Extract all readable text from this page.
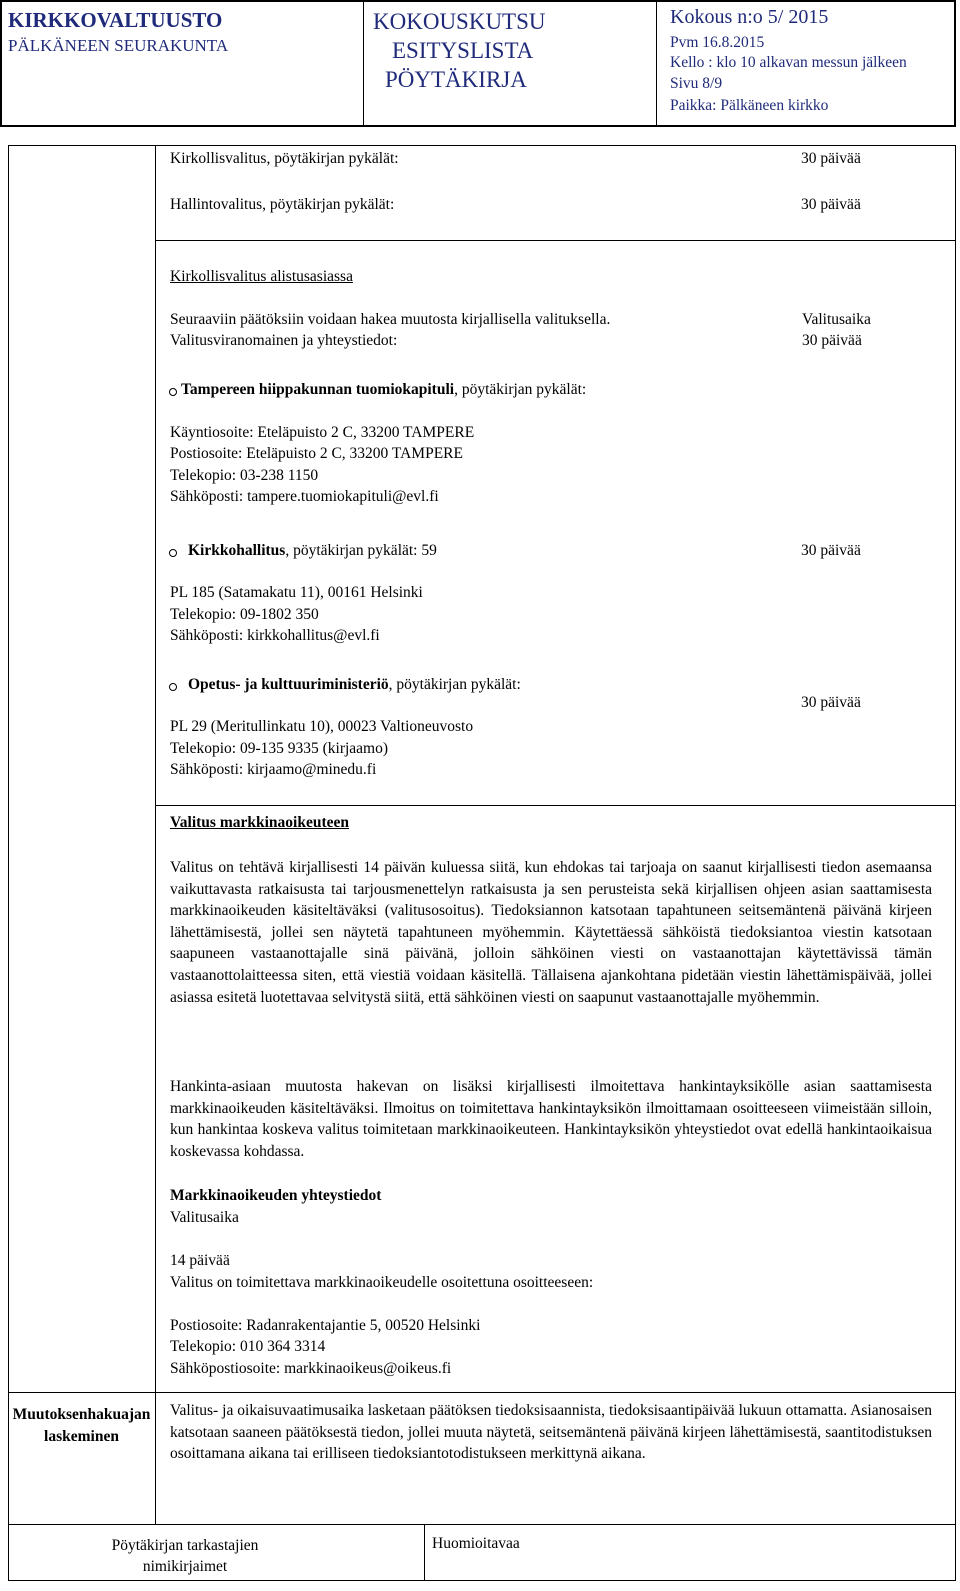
KIRKKOVALTUUSTO
PÄLKÄNEEN SEURAKUNTA
KOKOUSKUTSU
ESITYSLISTA
PÖYTÄKIRJA
Kokous n:o 5/ 2015
Pvm 16.8.2015
Kello : klo 10 alkavan messun jälkeen
Sivu 8/9
Paikka: Pälkäneen kirkko
Kirkollisvalitus, pöytäkirjan pykälät:	30 päivää
Hallintovalitus, pöytäkirjan pykälät:	30 päivää
Kirkollisvalitus alistusasiassa
Seuraaviin päätöksiin voidaan hakea muutosta kirjallisella valituksella.
Valitusviranomainen ja yhteystiedot:
Valitusaika
30 päivää
Tampereen hiippakunnan tuomiokapituli, pöytäkirjan pykälät:
Käyntiosoite: Eteläpuisto 2 C, 33200 TAMPERE
Postiosoite: Eteläpuisto 2 C, 33200 TAMPERE
Telekopio: 03-238 1150
Sähköposti: tampere.tuomiokapituli@evl.fi
Kirkkohallitus, pöytäkirjan pykälät: 59	30 päivää
PL 185 (Satamakatu 11), 00161 Helsinki
Telekopio: 09-1802 350
Sähköposti: kirkkohallitus@evl.fi
Opetus- ja kulttuuriministeriö, pöytäkirjan pykälät:
30 päivää
PL 29 (Meritullinkatu 10), 00023 Valtioneuvosto
Telekopio: 09-135 9335 (kirjaamo)
Sähköposti: kirjaamo@minedu.fi
Valitus markkinaoikeuteen
Valitus on tehtävä kirjallisesti 14 päivän kuluessa siitä, kun ehdokas tai tarjoaja on saanut kirjallisesti tiedon asemaansa vaikuttavasta ratkaisusta tai tarjousmenettelyn ratkaisusta ja sen perusteista sekä kirjallisen ohjeen asian saattamisesta markkinaoikeuden käsiteltäväksi (valitusosoitus). Tiedoksiannon katsotaan tapahtuneen seitsemäntenä päivänä kirjeen lähettämisestä, jollei sen näytetä tapahtuneen myöhemmin. Käytettäessä sähköistä tiedoksiantoa viestin katsotaan saapuneen vastaanottajalle sinä päivänä, jolloin sähköinen viesti on vastaanottajan käytettävissä tämän vastaanottolaitteessa siten, että viestiä voidaan käsitellä. Tällaisena ajankohtana pidetään viestin lähettämispäivää, jollei asiassa esitetä luotettavaa selvitystä siitä, että sähköinen viesti on saapunut vastaanottajalle myöhemmin.
Hankinta-asiaan muutosta hakevan on lisäksi kirjallisesti ilmoitettava hankintayksikölle asian saattamisesta markkinaoikeuden käsiteltäväksi. Ilmoitus on toimitettava hankintayksikön ilmoittamaan osoitteeseen viimeistään silloin, kun hankintaa koskeva valitus toimitetaan markkinaoikeuteen. Hankintayksikön yhteystiedot ovat edellä hankintaoikaisua koskevassa kohdassa.
Markkinaoikeuden yhteystiedot
Valitusaika
14 päivää
Valitus on toimitettava markkinaoikeudelle osoitettuna osoitteeseen:
Postiosoite: Radanrakentajantie 5, 00520 Helsinki
Telekopio: 010 364 3314
Sähköpostiosoite: markkinaoikeus@oikeus.fi
Muutoksenhakuajan laskeminen
Valitus- ja oikaisuvaatimusaika lasketaan päätöksen tiedoksisaannista, tiedoksisaantipäivää lukuun ottamatta. Asianosaisen katsotaan saaneen päätöksestä tiedon, jollei muuta näytetä, seitsemäntenä päivänä kirjeen lähettämisestä, saantitodistuksen osoittamana aikana tai erilliseen tiedoksiantotodistukseen merkittynä aikana.
Pöytäkirjan tarkastajien nimikirjaimet
Huomioitavaa
